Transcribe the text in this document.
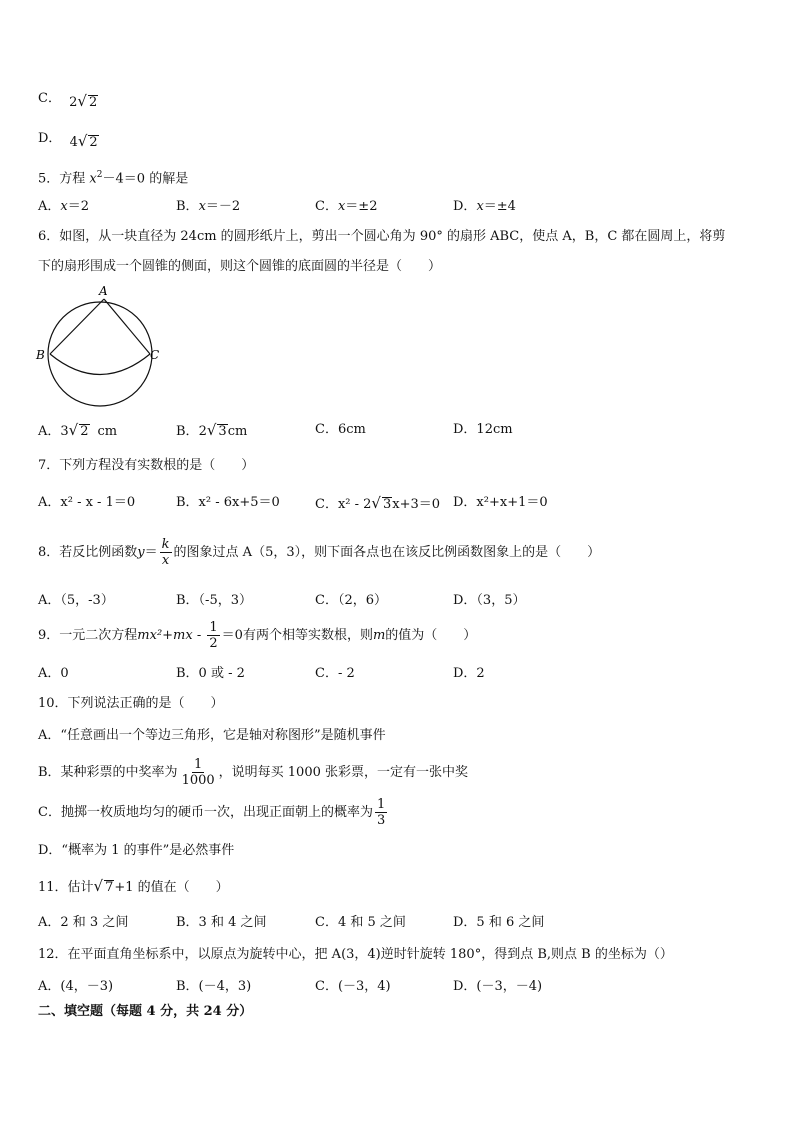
C． 2√ 2
D． 4√ 2
5．方程 $x^2-4=0$ 的解是
A．x＝2	B．x＝－2	C．x＝±2	D．x＝±4
6．如图，从一块直径为 24cm 的圆形纸片上，剪出一个圆心角为 90° 的扇形 ABC，使点 A，B，C 都在圆周上，将剪
下的扇形围成一个圆锥的侧面，则这个圆锥的底面圆的半径是（　　）
A
B	C
A．3√ 2 cm	B．2√ 3cm	C．6cm	D．12cm
7．下列方程没有实数根的是（　　）
A．x² - x - 1＝0	B．x² - 6x+5＝0	C．x² - 2√ 3x+3＝0 D．x²+x+1＝0
8．若反比例函数$y= \frac{k}{x}$ 的图象过点 A（5，3），则下面各点也在该反比例函数图象上的是（　　）
A．（5，-3）	B．（-5，3）	C．（2，6）	D．（3，5）
9．一元二次方程$mx^2+mx - \frac{1}{2} =0$有两个相等实数根，则m的值为（　　）
A．0	B．0 或 - 2	C．- 2	D．2
10．下列说法正确的是（　　）
A．“任意画出一个等边三角形，它是轴对称图形”是随机事件
B．某种彩票的中奖率为 $\frac{1}{1000}$ ，说明每买 1000 张彩票，一定有一张中奖
C．抛掷一枚质地均匀的硬币一次，出现正面朝上的概率为 $\frac{1}{3}$
D．“概率为 1 的事件”是必然事件
11．估计√ 7+1 的值在（　　）
A．2 和 3 之间	B．3 和 4 之间	C．4 和 5 之间	D．5 和 6 之间
12．在平面直角坐标系中，以原点为旋转中心，把 A(3，4)逆时针旋转 180°，得到点 B,则点 B 的坐标为（）
A．(4，－3)	B．(－4，3)	C．(－3，4)	D．(－3，－4)
二、填空题（每题 4 分，共 24 分）
